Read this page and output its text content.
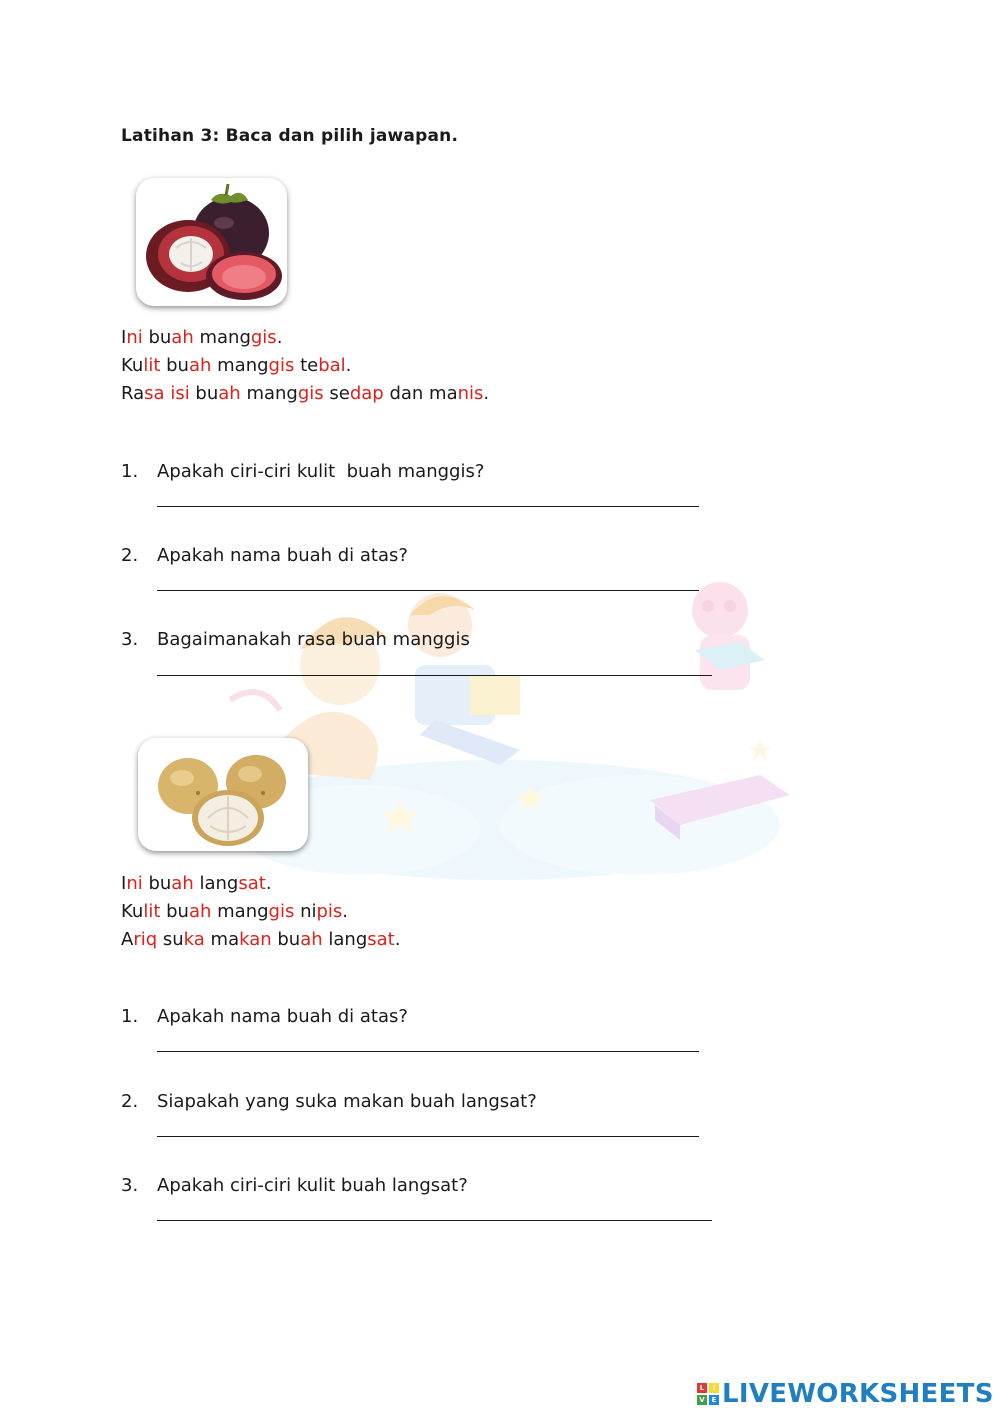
Latihan 3: Baca dan pilih jawapan.
Ini buah manggis.
Kulit buah manggis tebal.
Rasa isi buah manggis sedap dan manis.
1. Apakah ciri-ciri kulit  buah manggis?
2. Apakah nama buah di atas?
3. Bagaimanakah rasa buah manggis
Ini buah langsat.
Kulit buah manggis nipis.
Ariq suka makan buah langsat.
1. Apakah nama buah di atas?
2. Siapakah yang suka makan buah langsat?
3. Apakah ciri-ciri kulit buah langsat?
L	I
V E LIVEWORKSHEETS
